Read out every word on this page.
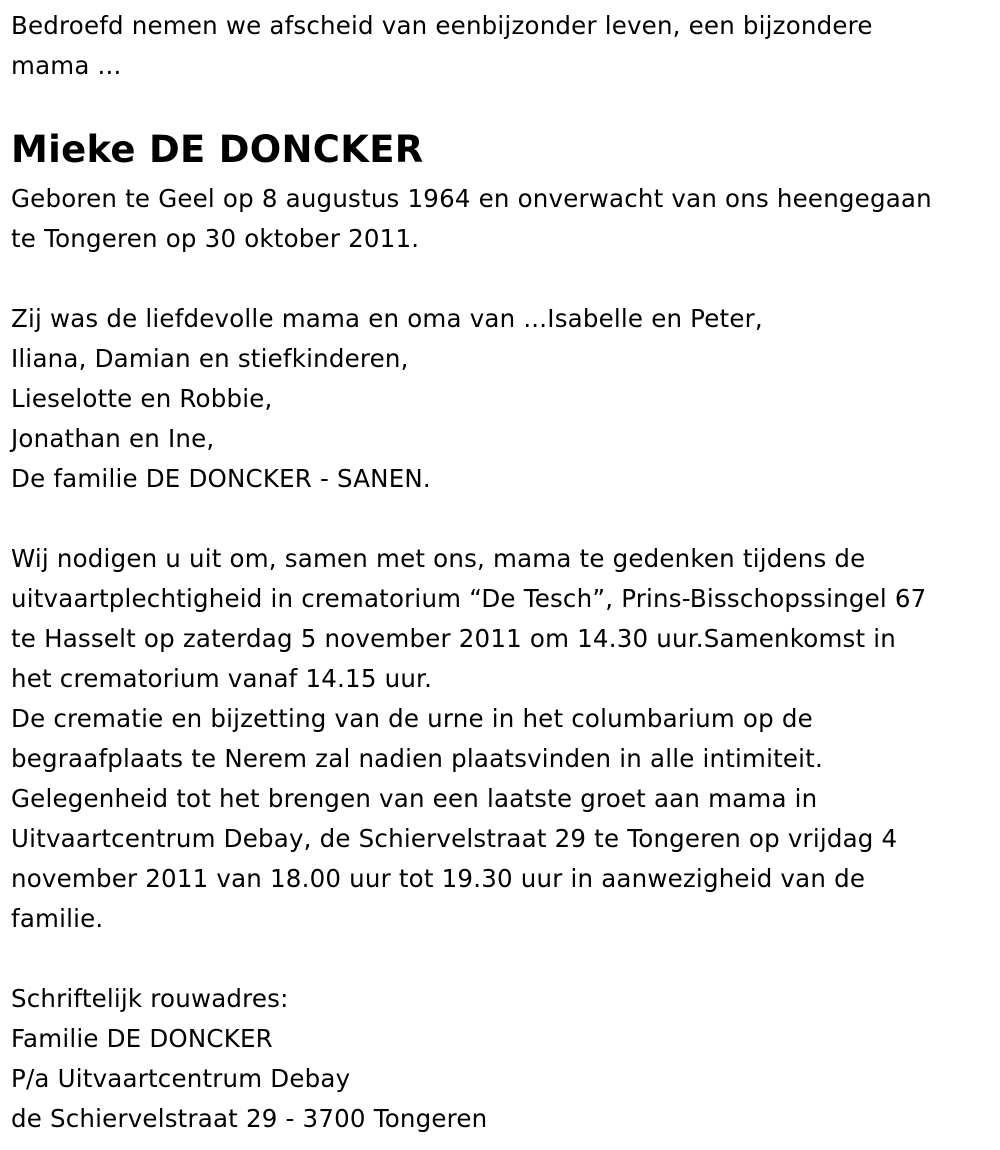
Bedroefd nemen we afscheid van eenbijzonder leven, een bijzondere
mama ...

Mieke DE DONCKER

Geboren te Geel op 8 augustus 1964 en onverwacht van ons heengegaan
te Tongeren op 30 oktober 2011.

Zij was de liefdevolle mama en oma van ...Isabelle en Peter,
Iliana, Damian en stiefkinderen,
Lieselotte en Robbie,
Jonathan en Ine,
De familie DE DONCKER - SANEN.

Wij nodigen u uit om, samen met ons, mama te gedenken tijdens de
uitvaartplechtigheid in crematorium “De Tesch”, Prins-Bisschopssingel 67
te Hasselt op zaterdag 5 november 2011 om 14.30 uur.Samenkomst in
het crematorium vanaf 14.15 uur.
De crematie en bijzetting van de urne in het columbarium op de
begraafplaats te Nerem zal nadien plaatsvinden in alle intimiteit.
Gelegenheid tot het brengen van een laatste groet aan mama in
Uitvaartcentrum Debay, de Schiervelstraat 29 te Tongeren op vrijdag 4
november 2011 van 18.00 uur tot 19.30 uur in aanwezigheid van de
familie.

Schriftelijk rouwadres:
Familie DE DONCKER
P/a Uitvaartcentrum Debay
de Schiervelstraat 29 - 3700 Tongeren
